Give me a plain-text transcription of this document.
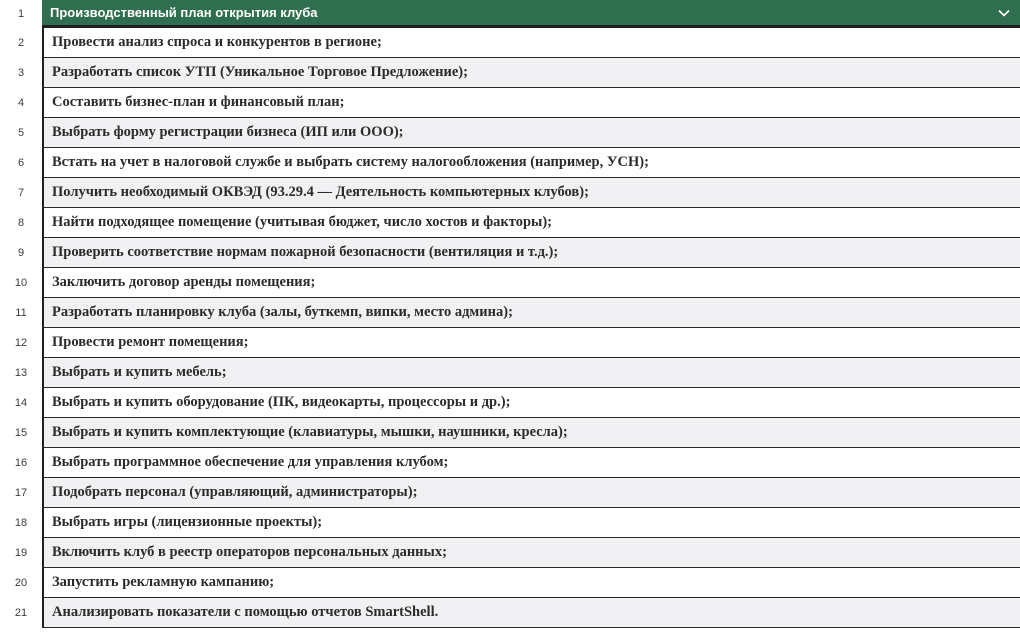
1	Производственный план открытия клуба
2	Провести анализ спроса и конкурентов в регионе;
3	Разработать список УТП (Уникальное Торговое Предложение);
4	Составить бизнес-план и финансовый план;
5	Выбрать форму регистрации бизнеса (ИП или ООО);
6	Встать на учет в налоговой службе и выбрать систему налогообложения (например, УСН);
7	Получить необходимый ОКВЭД (93.29.4 — Деятельность компьютерных клубов);
8	Найти подходящее помещение (учитывая бюджет, число хостов и факторы);
9	Проверить соответствие нормам пожарной безопасности (вентиляция и т.д.);
10	Заключить договор аренды помещения;
11	Разработать планировку клуба (залы, буткемп, випки, место админа);
12	Провести ремонт помещения;
13	Выбрать и купить мебель;
14	Выбрать и купить оборудование (ПК, видеокарты, процессоры и др.);
15	Выбрать и купить комплектующие (клавиатуры, мышки, наушники, кресла);
16	Выбрать программное обеспечение для управления клубом;
17	Подобрать персонал (управляющий, администраторы);
18	Выбрать игры (лицензионные проекты);
19	Включить клуб в реестр операторов персональных данных;
20	Запустить рекламную кампанию;
21	Анализировать показатели с помощью отчетов SmartShell.
